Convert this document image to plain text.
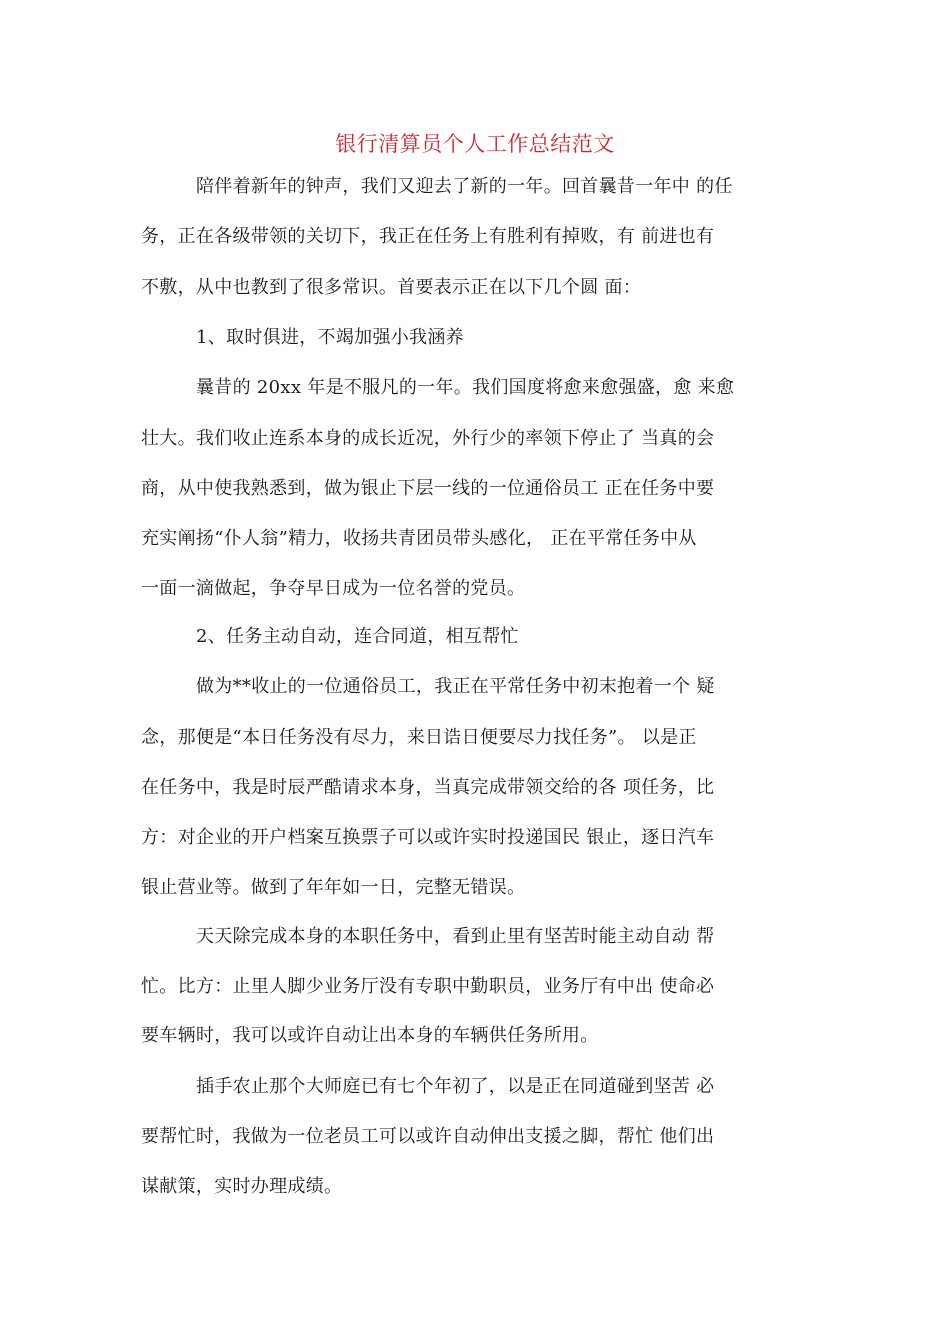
银行清算员个人工作总结范文
陪伴着新年的钟声，我们又迎去了新的一年。回首曩昔一年中 的任
务，正在各级带领的关切下，我正在任务上有胜利有掉败，有 前进也有
不敷，从中也教到了很多常识。首要表示正在以下几个圆 面：
1、取时俱进，不竭加强小我涵养
曩昔的 20xx 年是不服凡的一年。我们国度将愈来愈强盛，愈 来愈
壮大。我们收止连系本身的成长近况，外行少的率领下停止了 当真的会
商，从中使我熟悉到，做为银止下层一线的一位通俗员工 正在任务中要
充实阐扬“仆人翁”精力，收扬共青团员带头感化， 正在平常任务中从
一面一滴做起，争夺早日成为一位名誉的党员。
2、任务主动自动，连合同道，相互帮忙
做为**收止的一位通俗员工，我正在平常任务中初末抱着一个 疑
念，那便是“本日任务没有尽力，来日诰日便要尽力找任务”。 以是正
在任务中，我是时辰严酷请求本身，当真完成带领交给的各 项任务，比
方：对企业的开户档案互换票子可以或许实时投递国民 银止，逐日汽车
银止营业等。做到了年年如一日，完整无错误。
天天除完成本身的本职任务中，看到止里有坚苦时能主动自动 帮
忙。比方：止里人脚少业务厅没有专职中勤职员，业务厅有中出 使命必
要车辆时，我可以或许自动让出本身的车辆供任务所用。
插手农止那个大师庭已有七个年初了，以是正在同道碰到坚苦 必
要帮忙时，我做为一位老员工可以或许自动伸出支援之脚，帮忙 他们出
谋献策，实时办理成绩。
